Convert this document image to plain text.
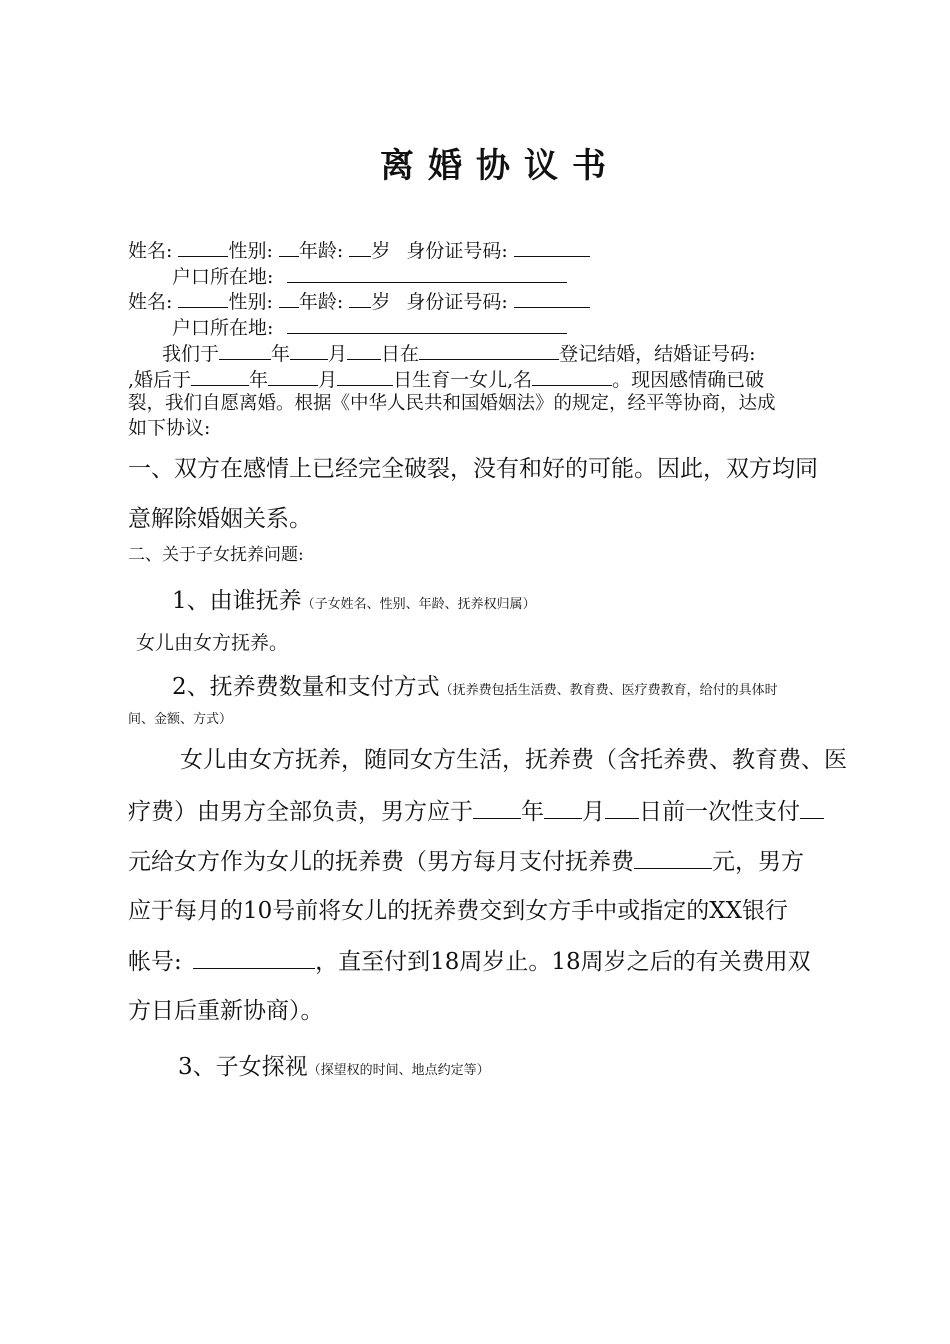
离婚协议书
姓名:	性别: 年龄: 岁 身份证号码:
户口所在地:
姓名:	性别: 年龄: 岁 身份证号码:
户口所在地:
我们于	年 月 日在	登记结婚，结婚证号码:
,婚后于	年	月	日生育一女儿,名	。现因感情确已破
裂，我们自愿离婚。根据《中华人民共和国婚姻法》的规定，经平等协商，达成
如下协议:
一、双方在感情上已经完全破裂，没有和好的可能。因此，双方均同
意解除婚姻关系。
二、关于子女抚养问题:
1、由谁抚养（子女姓名、性别、年龄、抚养权归属）
女儿由女方抚养。
2、抚养费数量和支付方式（抚养费包括生活费、教育费、医疗费教育，给付的具体时
间、金额、方式）
女儿由女方抚养，随同女方生活，抚养费（含托养费、教育费、医
疗费）由男方全部负责，男方应于 年 月 日前一次性支付
元给女方作为女儿的抚养费（男方每月支付抚养费	元，男方
应于每月的10号前将女儿的抚养费交到女方手中或指定的XX银行
帐号:	，直至付到18周岁止。18周岁之后的有关费用双
方日后重新协商）。
3、子女探视（探望权的时间、地点约定等）
